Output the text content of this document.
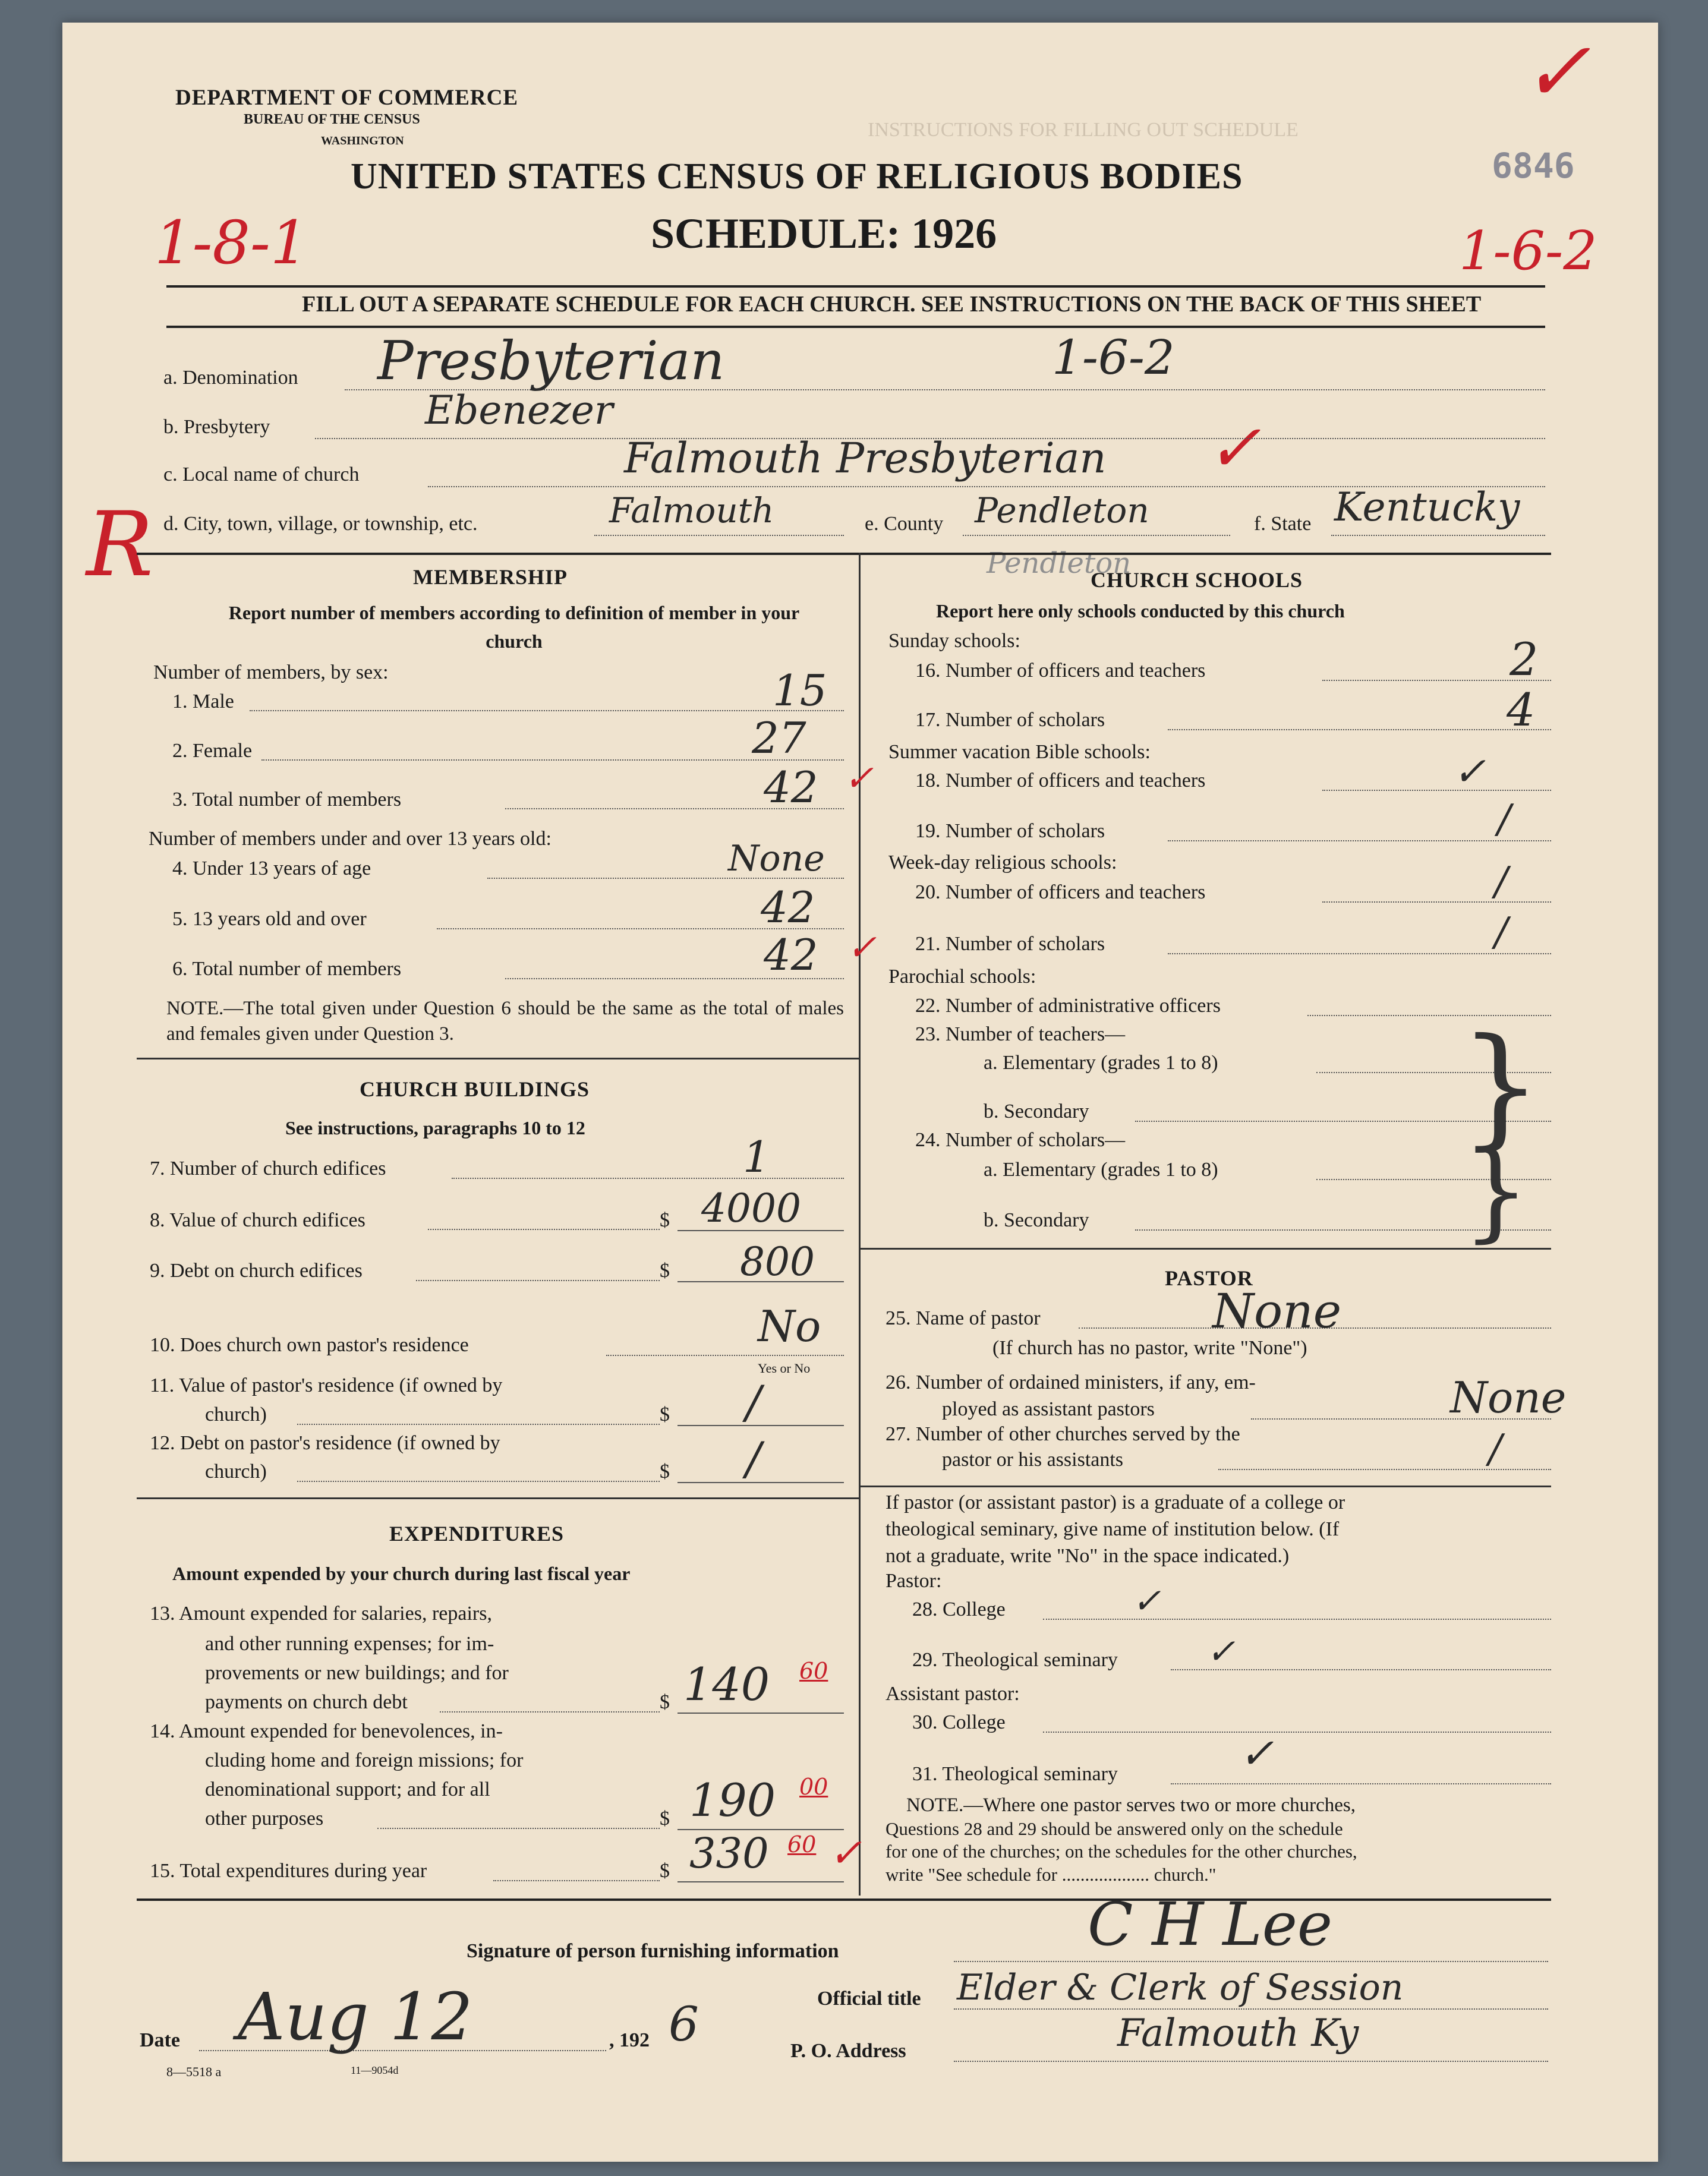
INSTRUCTIONS FOR FILLING OUT SCHEDULE
DEPARTMENT OF COMMERCE
BUREAU OF THE CENSUS
WASHINGTON
UNITED STATES CENSUS OF RELIGIOUS BODIES
SCHEDULE: 1926
6846
FILL OUT A SEPARATE SCHEDULE FOR EACH CHURCH. SEE INSTRUCTIONS ON THE BACK OF THIS SHEET
1-8-1	1-6-2
1-6-2
R
✓
✓
a. Denomination Presbyterian
b. Presbytery	Ebenezer
c. Local name of church	Falmouth Presbyterian
d. City, town, village, or township, etc.	Falmouth	e. County Pendleton
Pendleton
f. State Kentucky
MEMBERSHIP
Report number of members according to definition of member in your church
Number of members, by sex:
1. Male	15
2. Female	27
3. Total number of members	42 ✓
Number of members under and over 13 years old:
4. Under 13 years of age	None
5. 13 years old and over	42
6. Total number of members	42 ✓
NOTE.—The total given under Question 6 should be the same as the total of males and females given under Question 3.
CHURCH BUILDINGS
See instructions, paragraphs 10 to 12
7. Number of church edifices	1
8. Value of church edifices	$ 4000
9. Debt on church edifices	$ 800
10. Does church own pastor's residence	No
Yes or No
11. Value of pastor's residence (if owned by
church)	$ /
12. Debt on pastor's residence (if owned by
church)	$ /
EXPENDITURES
Amount expended by your church during last fiscal year
13. Amount expended for salaries, repairs,
and other running expenses; for im-
provements or new buildings; and for
payments on church debt	$ 140 60
14. Amount expended for benevolences, in-
cluding home and foreign missions; for
denominational support; and for all
other purposes	$ 190 00
15. Total expenditures during year	$ 330 60 ✓
CHURCH SCHOOLS
Report here only schools conducted by this church
Sunday schools:
16. Number of officers and teachers	2
17. Number of scholars	4
Summer vacation Bible schools:
18. Number of officers and teachers	✓
19. Number of scholars	/
Week-day religious schools:
20. Number of officers and teachers	/
21. Number of scholars	/
Parochial schools:
22. Number of administrative officers
23. Number of teachers—
a. Elementary (grades 1 to 8)
b. Secondary
24. Number of scholars—
a. Elementary (grades 1 to 8)
b. Secondary
}
}
PASTOR
25. Name of pastor	None
(If church has no pastor, write "None")
26. Number of ordained ministers, if any, em-
ployed as assistant pastors	None
27. Number of other churches served by the
pastor or his assistants	/
If pastor (or assistant pastor) is a graduate of a college or
theological seminary, give name of institution below. (If
not a graduate, write "No" in the space indicated.)
Pastor:
28. College	✓
29. Theological seminary	✓
Assistant pastor:
30. College
31. Theological seminary	✓
NOTE.—Where one pastor serves two or more churches,
Questions 28 and 29 should be answered only on the schedule
for one of the churches; on the schedules for the other churches,
write "See schedule for ................... church."
Signature of person furnishing information	C H Lee
Official title Elder & Clerk of Session
Date Aug 12	, 192 6	P. O. Address	Falmouth Ky
8—5518 a	11—9054d
